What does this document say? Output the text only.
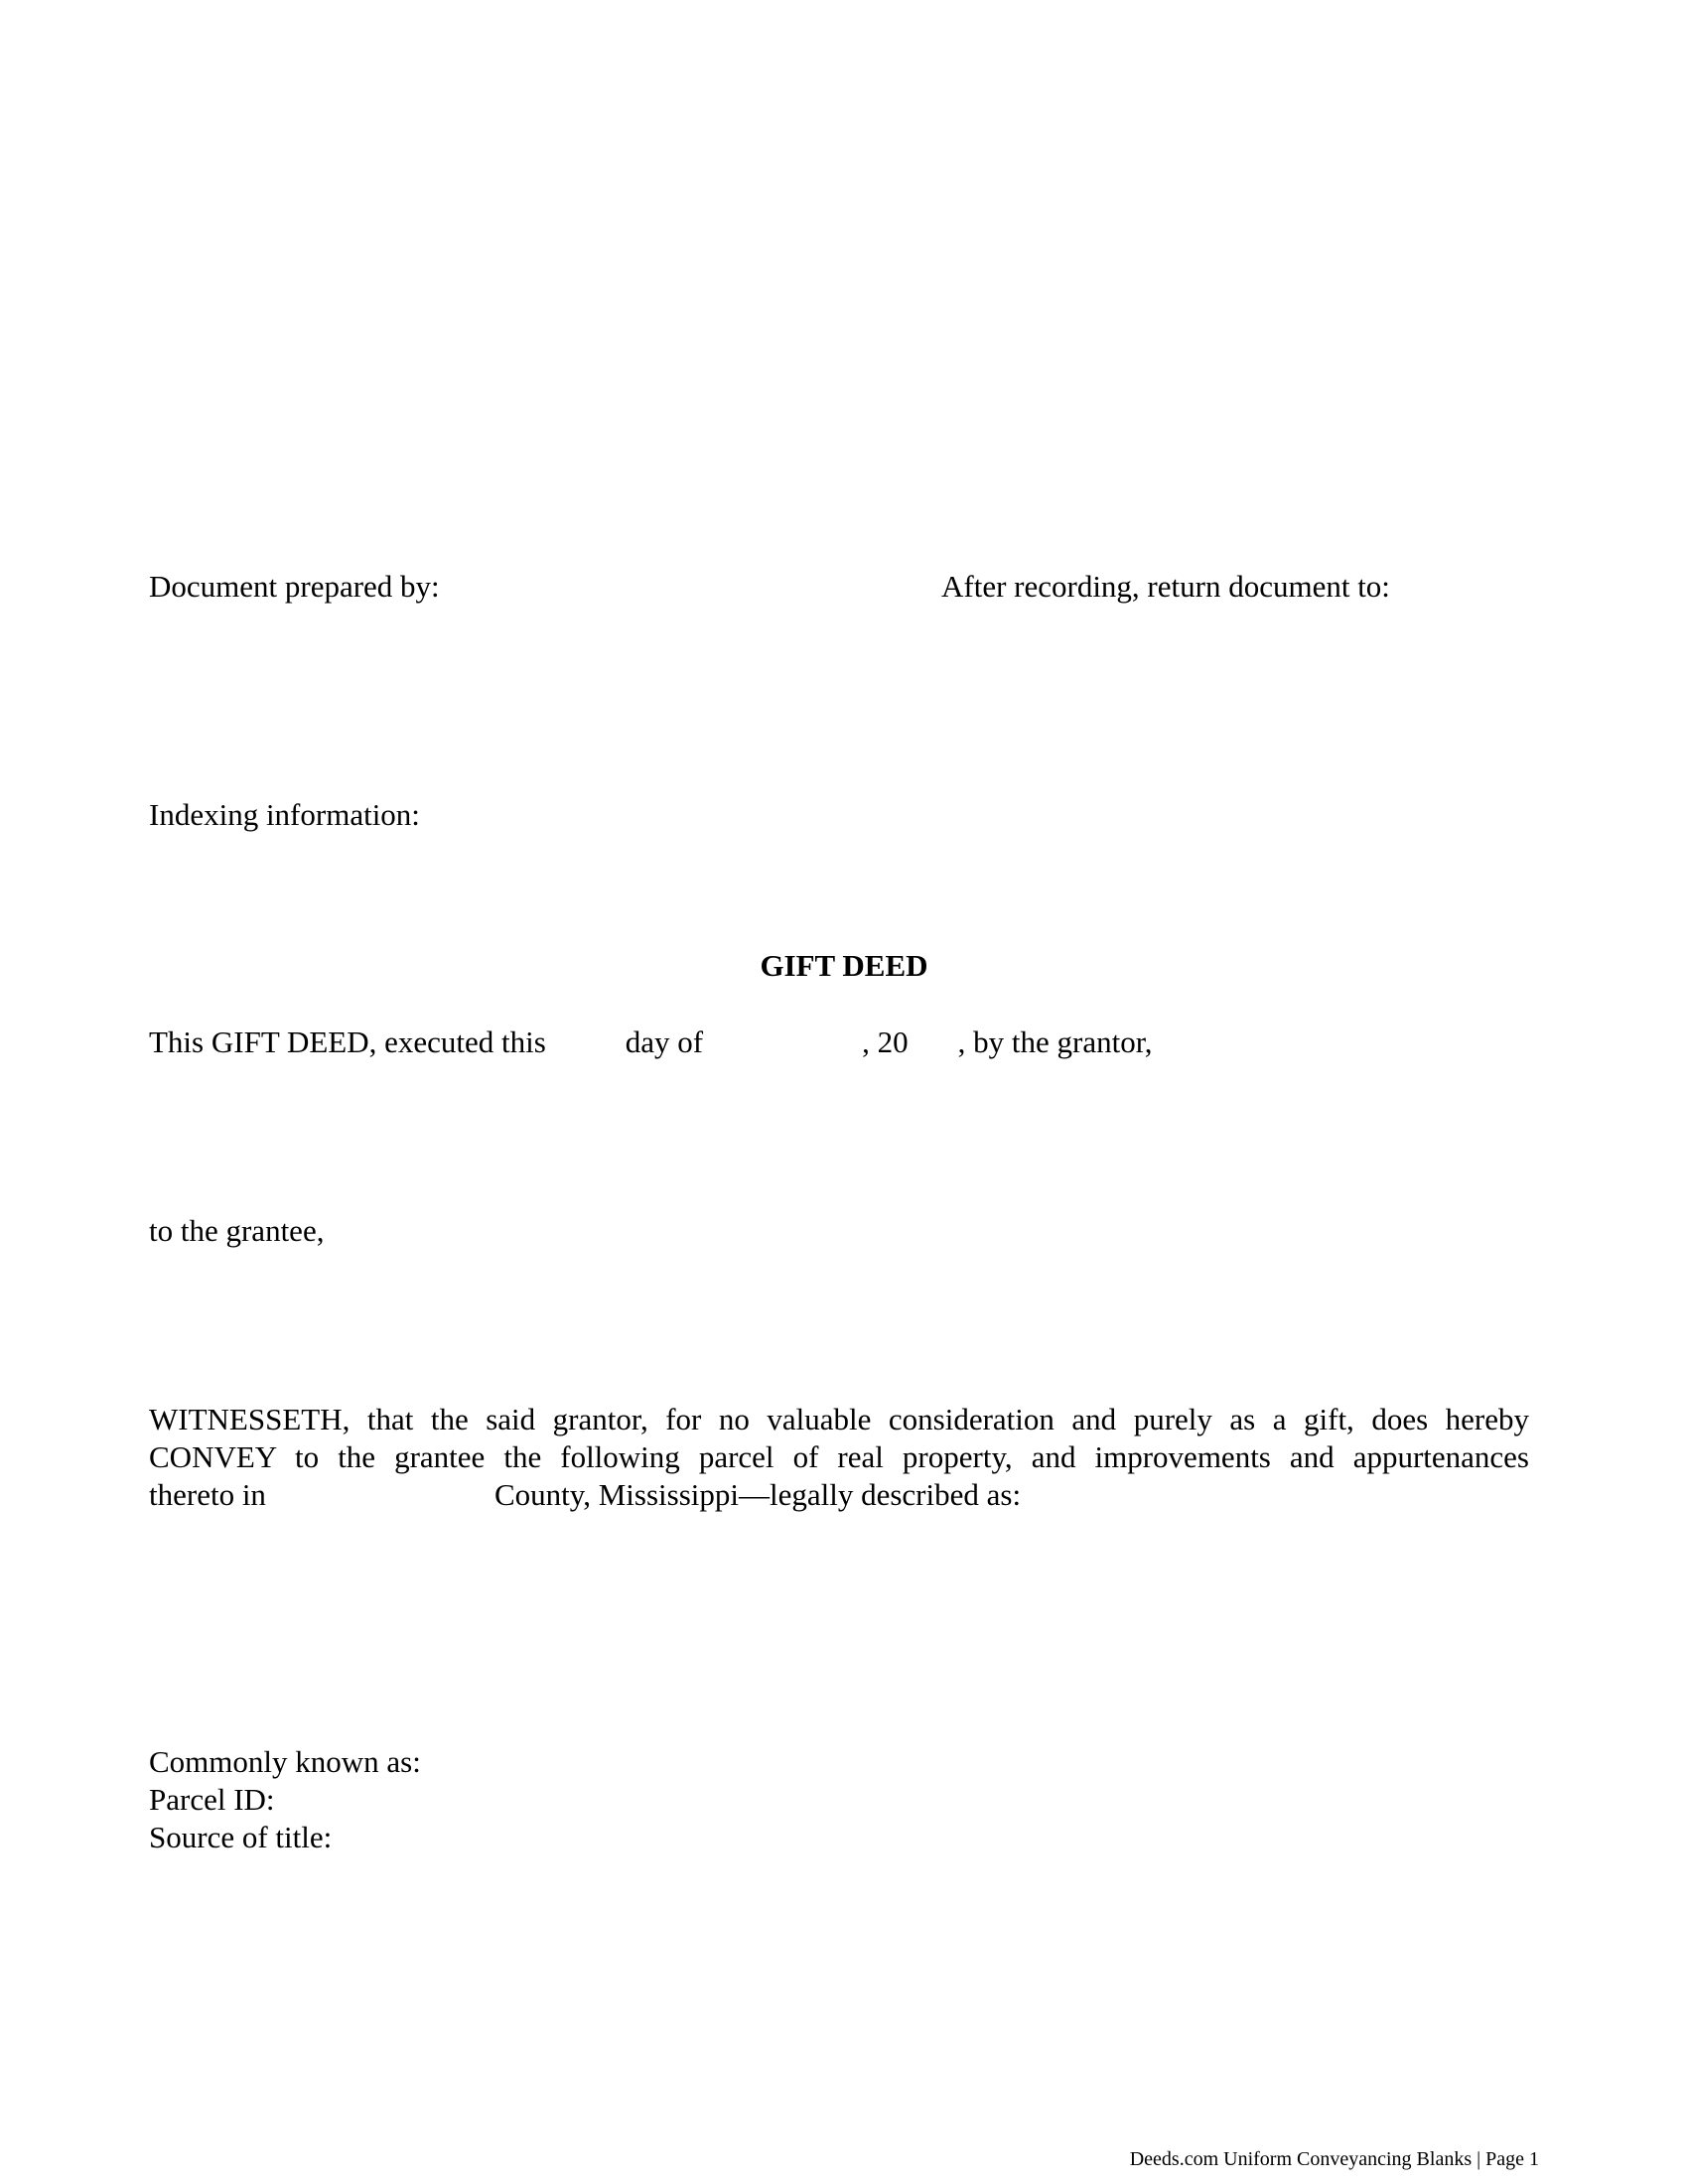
Document prepared by:	After recording, return document to:
Indexing information:
GIFT DEED
This GIFT DEED, executed this	day of	, 20 , by the grantor,
to the grantee,
WITNESSETH, that the said grantor, for no valuable consideration and purely as a gift, does hereby
CONVEY to the grantee the following parcel of real property, and improvements and appurtenances
thereto in	County, Mississippi—legally described as:
Commonly known as:
Parcel ID:
Source of title:
Deeds.com Uniform Conveyancing Blanks | Page 1
